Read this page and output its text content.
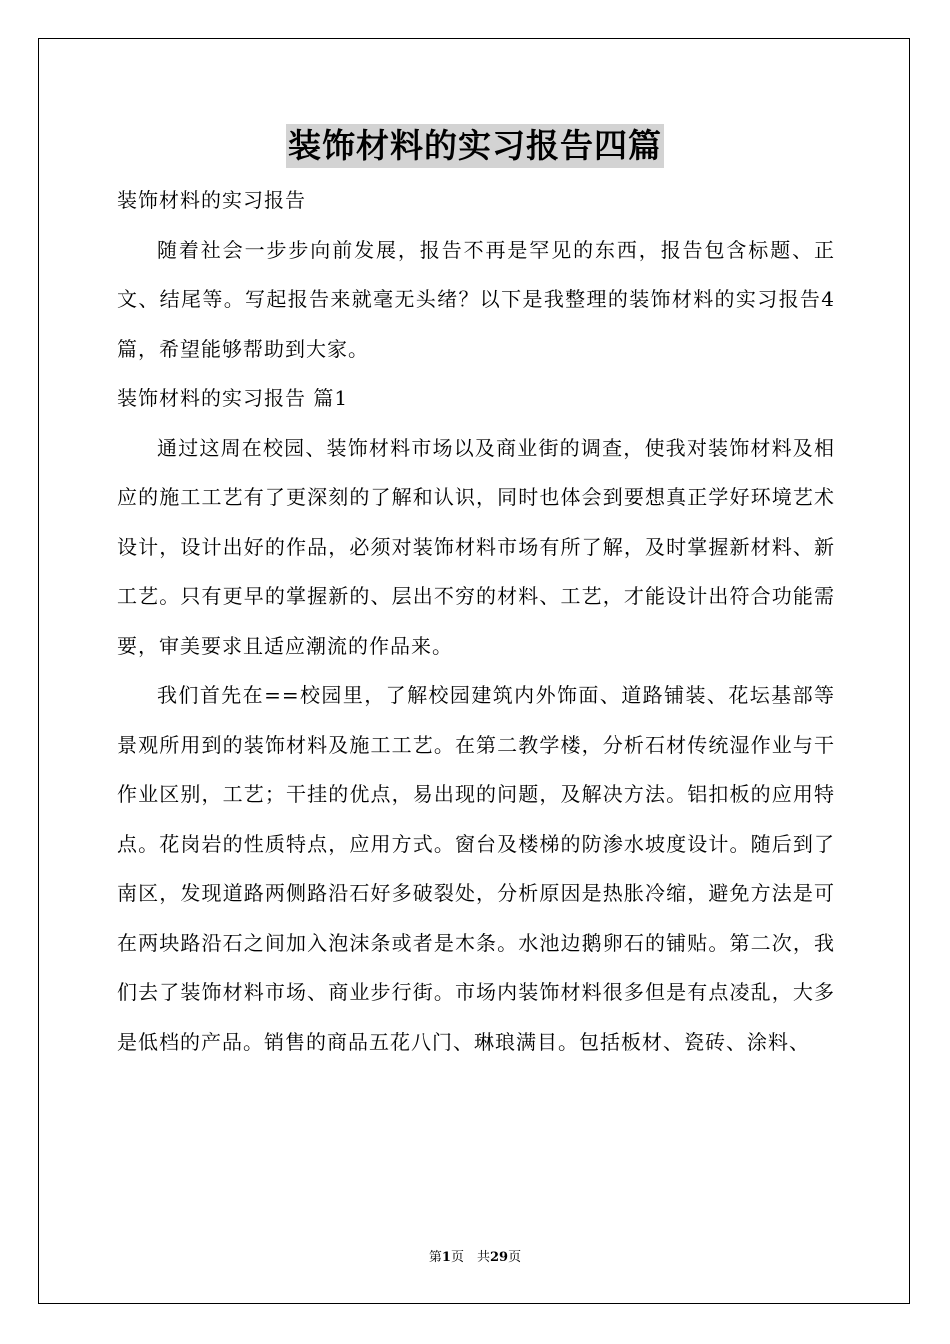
装饰材料的实习报告四篇

装饰材料的实习报告

随着社会一步步向前发展，报告不再是罕见的东西，报告包含标题、正文、结尾等。写起报告来就毫无头绪？以下是我整理的装饰材料的实习报告4篇，希望能够帮助到大家。

装饰材料的实习报告 篇1

通过这周在校园、装饰材料市场以及商业街的调查，使我对装饰材料及相应的施工工艺有了更深刻的了解和认识，同时也体会到要想真正学好环境艺术设计，设计出好的作品，必须对装饰材料市场有所了解，及时掌握新材料、新工艺。只有更早的掌握新的、层出不穷的材料、工艺，才能设计出符合功能需要，审美要求且适应潮流的作品来。

我们首先在==校园里，了解校园建筑内外饰面、道路铺装、花坛基部等景观所用到的装饰材料及施工工艺。在第二教学楼，分析石材传统湿作业与干作业区别，工艺；干挂的优点，易出现的问题，及解决方法。铝扣板的应用特点。花岗岩的性质特点，应用方式。窗台及楼梯的防渗水坡度设计。随后到了南区，发现道路两侧路沿石好多破裂处，分析原因是热胀冷缩，避免方法是可在两块路沿石之间加入泡沫条或者是木条。水池边鹅卵石的铺贴。第二次，我们去了装饰材料市场、商业步行街。市场内装饰材料很多但是有点凌乱，大多是低档的产品。销售的商品五花八门、琳琅满目。包括板材、瓷砖、涂料、

第1页　共29页
